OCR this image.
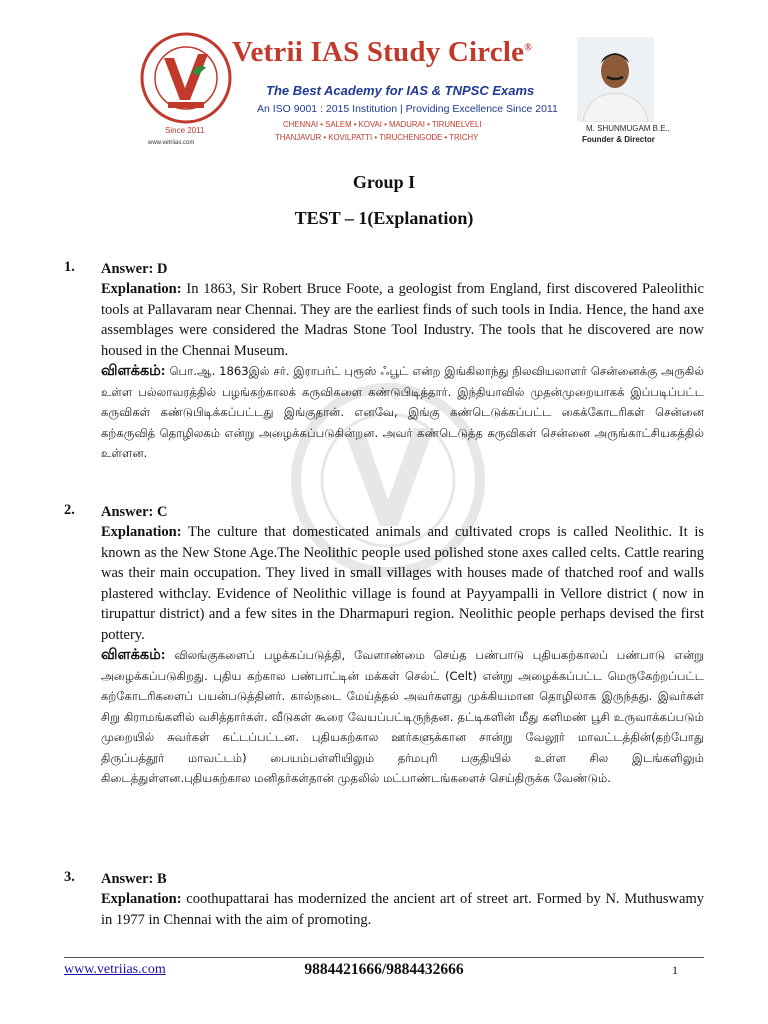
Since 2011
www.vetriias.com
Vetrii IAS Study Circle®
The Best Academy for IAS & TNPSC Exams
An ISO 9001 : 2015 Institution | Providing Excellence Since 2011
CHENNAI • SALEM • KOVAI • MADURAI • TIRUNELVELI
THANJAVUR • KOVILPATTI • TIRUCHENGODE • TRICHY
M. SHUNMUGAM B.E.,
Founder & Director
Group I
TEST – 1(Explanation)
1. Answer: D

Explanation: In 1863, Sir Robert Bruce Foote, a geologist from England, first discovered Paleolithic tools at Pallavaram near Chennai. They are the earliest finds of such tools in India. Hence, the hand axe assemblages were considered the Madras Stone Tool Industry. The tools that he discovered are now housed in the Chennai Museum.

விளக்கம்: பொ.ஆ. 1863இல் சர். இராபர்ட் புரூஸ் ஃபூட் என்ற இங்கிலாந்து நிலவியலாளர் சென்னைக்கு அருகில் உள்ள பல்லாவரத்தில் பழங்கற்காலக் கருவிகளை கண்டுபிடித்தார். இந்தியாவில் முதன்முறையாகக் இப்படிப்பட்ட கருவிகள் கண்டுபிடிக்கப்பட்டது இங்குதான். எனவே, இங்கு கண்டெடுக்கப்பட்ட கைக்கோடரிகள் சென்னை கற்கருவித் தொழிலகம் என்று அழைக்கப்படுகின்றன. அவர் கண்டெடுத்த கருவிகள் சென்னை அருங்காட்சியகத்தில் உள்ளன.

2. Answer: C

Explanation: The culture that domesticated animals and cultivated crops is called Neolithic. It is known as the New Stone Age.The Neolithic people used polished stone axes called celts. Cattle rearing was their main occupation. They lived in small villages with houses made of thatched roof and walls plastered withclay. Evidence of Neolithic village is found at Payyampalli in Vellore district ( now in tirupattur district) and a few sites in the Dharmapuri region. Neolithic people perhaps devised the first pottery.

விளக்கம்: விலங்குகளைப் பழக்கப்படுத்தி, வேளாண்மை செய்த பண்பாடு புதியகற்காலப் பண்பாடு என்று அழைக்கப்படுகிறது. புதிய கற்கால பண்பாட்டின் மக்கள் செல்ட் (Celt) என்று அழைக்கப்பட்ட மெருகேற்றப்பட்ட கற்கோடரிகளைப் பயன்படுத்தினர். கால்நடை மேய்த்தல் அவர்களது முக்கியமான தொழிலாக இருந்தது. இவர்கள் சிறு கிராமங்களில் வசித்தார்கள். வீடுகள் கூரை வேயப்பட்டிருந்தன. தட்டிகளின் மீது களிமண் பூசி உருவாக்கப்படும் முறையில் சுவர்கள் கட்டப்பட்டன. புதியகற்கால ஊர்களுக்கான சான்று வேலூர் மாவட்டத்தின்(தற்போது திருப்பத்தூர் மாவட்டம்) பையம்பள்ளியிலும் தர்மபுரி பகுதியில் உள்ள சில இடங்களிலும் கிடைத்துள்ளன.புதியகற்கால மனிதர்கள்தான் முதலில் மட்பாண்டங்களைச் செய்திருக்க வேண்டும்.

3. Answer: B

Explanation: coothupattarai has modernized the ancient art of street art. Formed by N. Muthuswamy in 1977 in Chennai with the aim of promoting.

www.vetriias.com	9884421666/9884432666	1
